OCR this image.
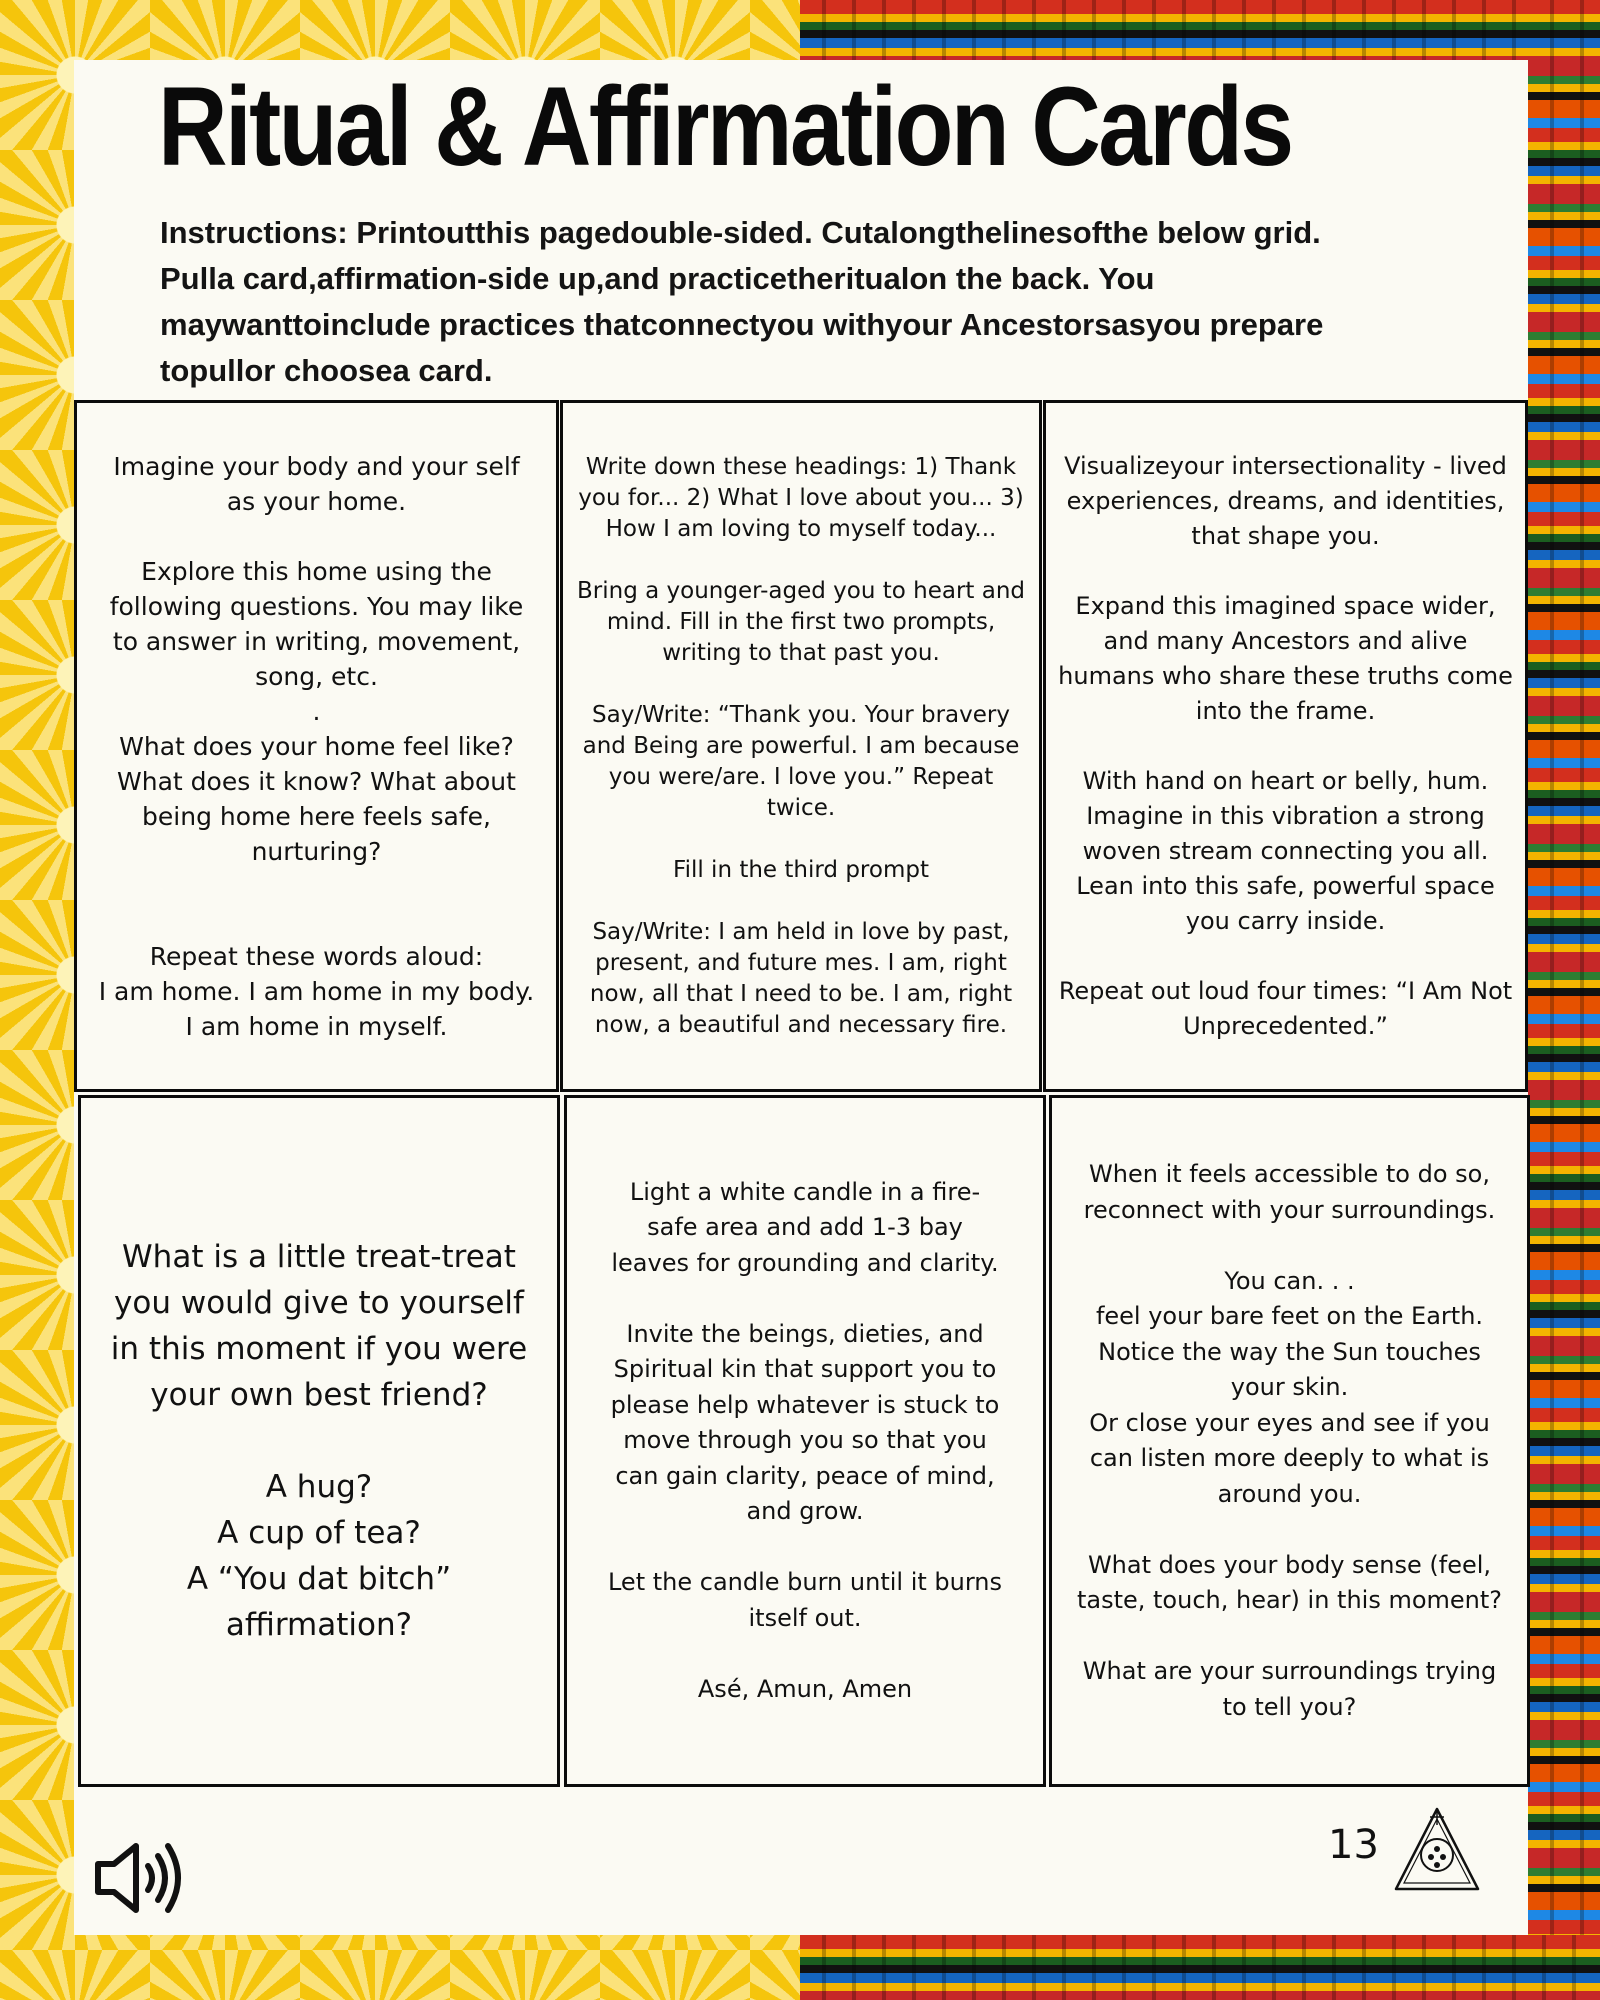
Ritual & Affirmation Cards

Instructions: Printoutthis pagedouble-sided. Cutalongthelinesofthe below grid. Pulla card,affirmation-side up,and practicetheritualon the back. You maywanttoinclude practices thatconnectyou withyour Ancestorsasyou prepare topullor choosea card.

Imagine your body and your self as your home.

Explore this home using the following questions. You may like to answer in writing, movement, song, etc.
.
What does your home feel like? What does it know? What about being home here feels safe, nurturing?

Repeat these words aloud:
I am home. I am home in my body. I am home in myself.

Write down these headings: 1) Thank you for... 2) What I love about you... 3) How I am loving to myself today...

Bring a younger-aged you to heart and mind. Fill in the first two prompts, writing to that past you.

Say/Write: “Thank you. Your bravery and Being are powerful. I am because you were/are. I love you.” Repeat twice.

Fill in the third prompt

Say/Write: I am held in love by past, present, and future mes. I am, right now, all that I need to be. I am, right now, a beautiful and necessary fire.

Visualizeyour intersectionality - lived experiences, dreams, and identities, that shape you.

Expand this imagined space wider, and many Ancestors and alive humans who share these truths come into the frame.

With hand on heart or belly, hum. Imagine in this vibration a strong woven stream connecting you all. Lean into this safe, powerful space you carry inside.

Repeat out loud four times: “I Am Not Unprecedented.”

What is a little treat-treat you would give to yourself in this moment if you were your own best friend?

A hug?
A cup of tea?
A “You dat bitch” affirmation?

Light a white candle in a fire-safe area and add 1-3 bay leaves for grounding and clarity.

Invite the beings, dieties, and Spiritual kin that support you to please help whatever is stuck to move through you so that you can gain clarity, peace of mind, and grow.

Let the candle burn until it burns itself out.

Asé, Amun, Amen

When it feels accessible to do so, reconnect with your surroundings.

You can. . .
feel your bare feet on the Earth. Notice the way the Sun touches your skin.
Or close your eyes and see if you can listen more deeply to what is around you.

What does your body sense (feel, taste, touch, hear) in this moment?

What are your surroundings trying to tell you?

13
